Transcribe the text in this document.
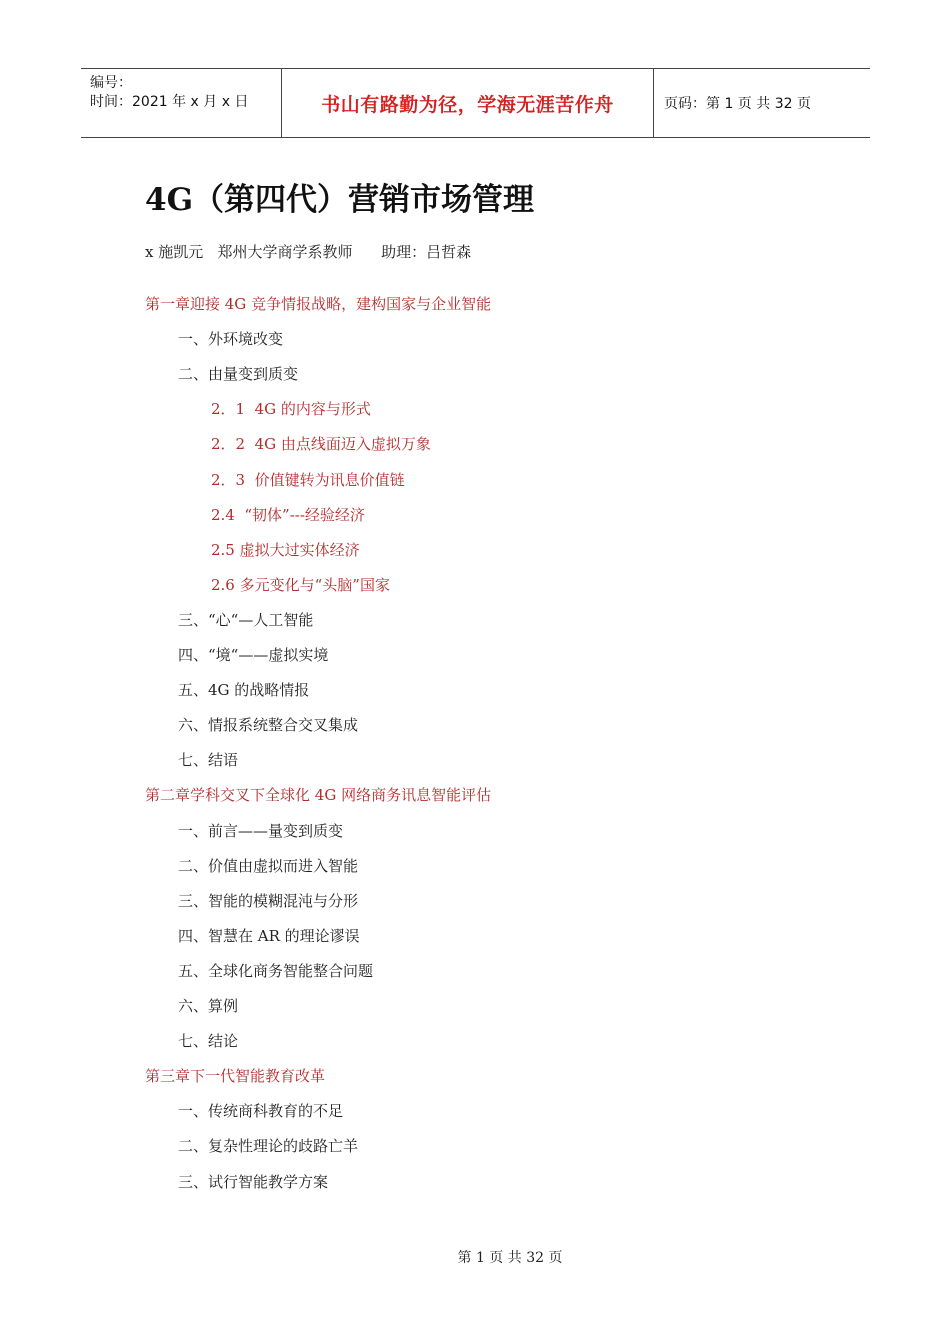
编号：
时间：2021 年 x 月 x 日	书山有路勤为径，学海无涯苦作舟	页码：第 1 页 共 32 页
4G（第四代）营销市场管理
x 施凯元   郑州大学商学系教师      助理：吕哲森
第一章迎接 4G 竞争情报战略，建构国家与企业智能
一、外环境改变
二、由量变到质变
2．1  4G 的内容与形式
2．2  4G 由点线面迈入虚拟万象
2．3  价值键转为讯息价值链
2.4  “韧体”---经验经济
2.5 虚拟大过实体经济
2.6 多元变化与“头脑”国家
三、“心“—人工智能
四、“境“——虚拟实境
五、4G 的战略情报
六、情报系统整合交叉集成
七、结语
第二章学科交叉下全球化 4G 网络商务讯息智能评估
一、前言——量变到质变
二、价值由虚拟而进入智能
三、智能的模糊混沌与分形
四、智慧在 AR 的理论谬误
五、全球化商务智能整合问题
六、算例
七、结论
第三章下一代智能教育改革
一、传统商科教育的不足
二、复杂性理论的歧路亡羊
三、试行智能教学方案
第 1 页 共 32 页
